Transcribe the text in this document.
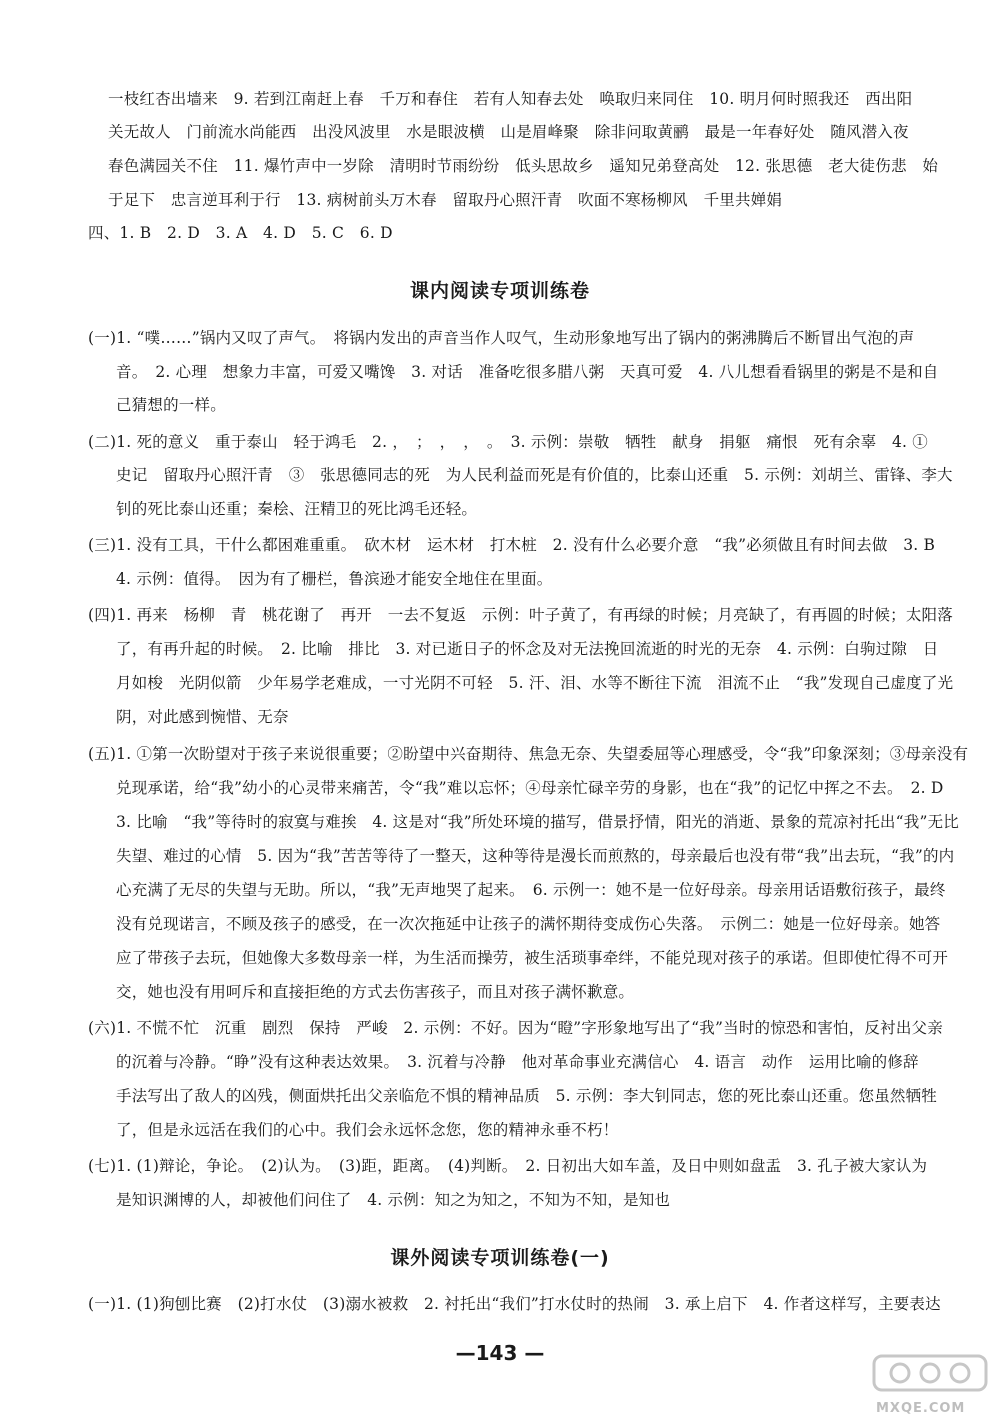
一枝红杏出墙来　9. 若到江南赶上春　千万和春住　若有人知春去处　唤取归来同住　10. 明月何时照我还　西出阳
关无故人　门前流水尚能西　出没风波里　水是眼波横　山是眉峰聚　除非问取黄鹂　最是一年春好处　随风潜入夜
春色满园关不住　11. 爆竹声中一岁除　清明时节雨纷纷　低头思故乡　遥知兄弟登高处　12. 张思德　老大徒伤悲　始
于足下　忠言逆耳利于行　13. 病树前头万木春　留取丹心照汗青　吹面不寒杨柳风　千里共婵娟
四、1. B　2. D　3. A　4. D　5. C　6. D
课内阅读专项训练卷
(一)1. “噗……”锅内又叹了声气。　将锅内发出的声音当作人叹气，生动形象地写出了锅内的粥沸腾后不断冒出气泡的声
音。　2. 心理　想象力丰富，可爱又嘴馋　3. 对话　准备吃很多腊八粥　天真可爱　4. 八儿想看看锅里的粥是不是和自
己猜想的一样。
(二)1. 死的意义　重于泰山　轻于鸿毛　2. ，　；　，　，　。　3. 示例：崇敬　牺牲　献身　捐躯　痛恨　死有余辜　4. ①
史记　留取丹心照汗青　③　张思德同志的死　为人民利益而死是有价值的，比泰山还重　5. 示例：刘胡兰、雷锋、李大
钊的死比泰山还重；秦桧、汪精卫的死比鸿毛还轻。
(三)1. 没有工具，干什么都困难重重。　砍木材　运木材　打木桩　2. 没有什么必要介意　“我”必须做且有时间去做　3. B
4. 示例：值得。　因为有了栅栏，鲁滨逊才能安全地住在里面。
(四)1. 再来　杨柳　青　桃花谢了　再开　一去不复返　示例：叶子黄了，有再绿的时候；月亮缺了，有再圆的时候；太阳落
了，有再升起的时候。　2. 比喻　排比　3. 对已逝日子的怀念及对无法挽回流逝的时光的无奈　4. 示例：白驹过隙　日
月如梭　光阴似箭　少年易学老难成，一寸光阴不可轻　5. 汗、泪、水等不断往下流　泪流不止　“我”发现自己虚度了光
阴，对此感到惋惜、无奈
(五)1. ①第一次盼望对于孩子来说很重要；②盼望中兴奋期待、焦急无奈、失望委屈等心理感受，令“我”印象深刻；③母亲没有
兑现承诺，给“我”幼小的心灵带来痛苦，令“我”难以忘怀；④母亲忙碌辛劳的身影，也在“我”的记忆中挥之不去。　2. D
3. 比喻　“我”等待时的寂寞与难挨　4. 这是对“我”所处环境的描写，借景抒情，阳光的消逝、景象的荒凉衬托出“我”无比
失望、难过的心情　5. 因为“我”苦苦等待了一整天，这种等待是漫长而煎熬的，母亲最后也没有带“我”出去玩，“我”的内
心充满了无尽的失望与无助。所以，“我”无声地哭了起来。　6. 示例一：她不是一位好母亲。母亲用话语敷衍孩子，最终
没有兑现诺言，不顾及孩子的感受，在一次次拖延中让孩子的满怀期待变成伤心失落。　示例二：她是一位好母亲。她答
应了带孩子去玩，但她像大多数母亲一样，为生活而操劳，被生活琐事牵绊，不能兑现对孩子的承诺。但即使忙得不可开
交，她也没有用呵斥和直接拒绝的方式去伤害孩子，而且对孩子满怀歉意。
(六)1. 不慌不忙　沉重　剧烈　保持　严峻　2. 示例：不好。因为“瞪”字形象地写出了“我”当时的惊恐和害怕，反衬出父亲
的沉着与冷静。“睁”没有这种表达效果。　3. 沉着与冷静　他对革命事业充满信心　4. 语言　动作　运用比喻的修辞
手法写出了敌人的凶残，侧面烘托出父亲临危不惧的精神品质　5. 示例：李大钊同志，您的死比泰山还重。您虽然牺牲
了，但是永远活在我们的心中。我们会永远怀念您，您的精神永垂不朽！
(七)1. (1)辩论，争论。　(2)认为。　(3)距，距离。　(4)判断。　2. 日初出大如车盖，及日中则如盘盂　3. 孔子被大家认为
是知识渊博的人，却被他们问住了　4. 示例：知之为知之，不知为不知，是知也
课外阅读专项训练卷(一)
(一)1. (1)狗刨比赛　(2)打水仗　(3)溺水被救　2. 衬托出“我们”打水仗时的热闹　3. 承上启下　4. 作者这样写，主要表达
—143 —
MXQE.COM
